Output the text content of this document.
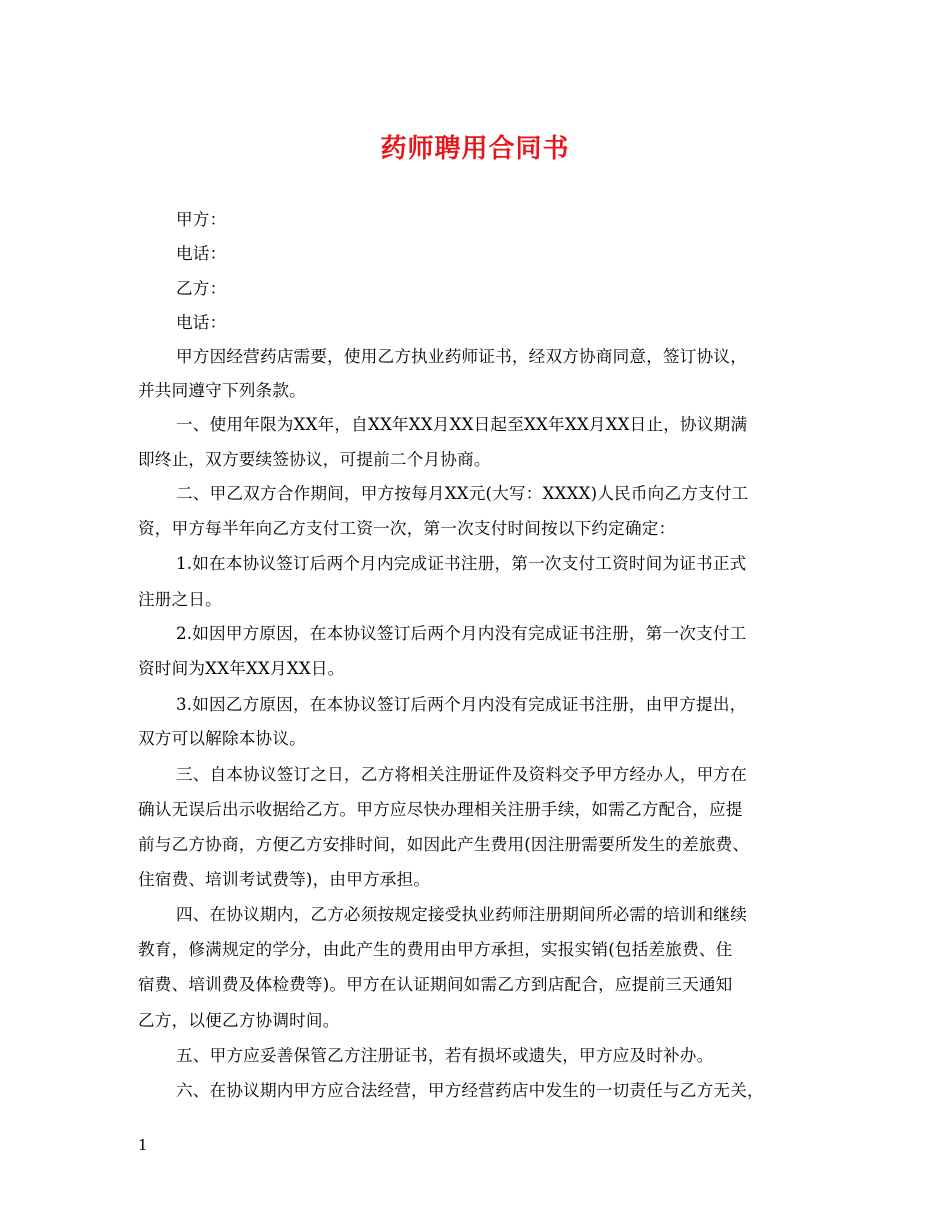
药师聘用合同书
甲方：
电话：
乙方：
电话：
甲方因经营药店需要，使用乙方执业药师证书，经双方协商同意，签订协议，
并共同遵守下列条款。
一、使用年限为XX年，自XX年XX月XX日起至XX年XX月XX日止，协议期满
即终止，双方要续签协议，可提前二个月协商。
二、甲乙双方合作期间，甲方按每月XX元(大写：XXXX)人民币向乙方支付工
资，甲方每半年向乙方支付工资一次，第一次支付时间按以下约定确定：
1.如在本协议签订后两个月内完成证书注册，第一次支付工资时间为证书正式
注册之日。
2.如因甲方原因，在本协议签订后两个月内没有完成证书注册，第一次支付工
资时间为XX年XX月XX日。
3.如因乙方原因，在本协议签订后两个月内没有完成证书注册，由甲方提出，
双方可以解除本协议。
三、自本协议签订之日，乙方将相关注册证件及资料交予甲方经办人，甲方在
确认无误后出示收据给乙方。甲方应尽快办理相关注册手续，如需乙方配合，应提
前与乙方协商，方便乙方安排时间，如因此产生费用(因注册需要所发生的差旅费、
住宿费、培训考试费等)，由甲方承担。
四、在协议期内，乙方必须按规定接受执业药师注册期间所必需的培训和继续
教育，修满规定的学分，由此产生的费用由甲方承担，实报实销(包括差旅费、住
宿费、培训费及体检费等)。甲方在认证期间如需乙方到店配合，应提前三天通知
乙方，以便乙方协调时间。
五、甲方应妥善保管乙方注册证书，若有损坏或遗失，甲方应及时补办。
六、在协议期内甲方应合法经营，甲方经营药店中发生的一切责任与乙方无关，
1
